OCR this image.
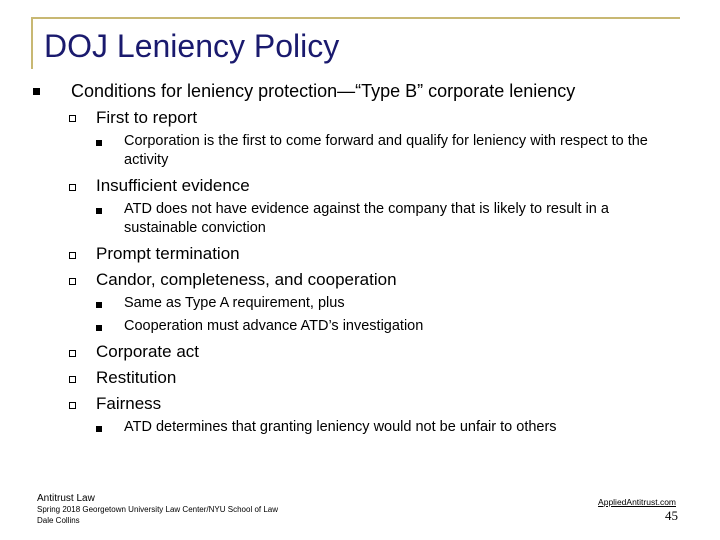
DOJ Leniency Policy
Conditions for leniency protection—“Type B” corporate leniency
First to report
Corporation is the first to come forward and qualify for leniency with respect to the activity
Insufficient evidence
ATD does not have evidence against the company that is likely to result in a sustainable conviction
Prompt termination
Candor, completeness, and cooperation
Same as Type A requirement, plus
Cooperation must advance ATD’s investigation
Corporate act
Restitution
Fairness
ATD determines that granting leniency would not be unfair to others
Antitrust Law
Spring 2018 Georgetown University Law Center/NYU School of Law
Dale Collins
AppliedAntitrust.com
45
